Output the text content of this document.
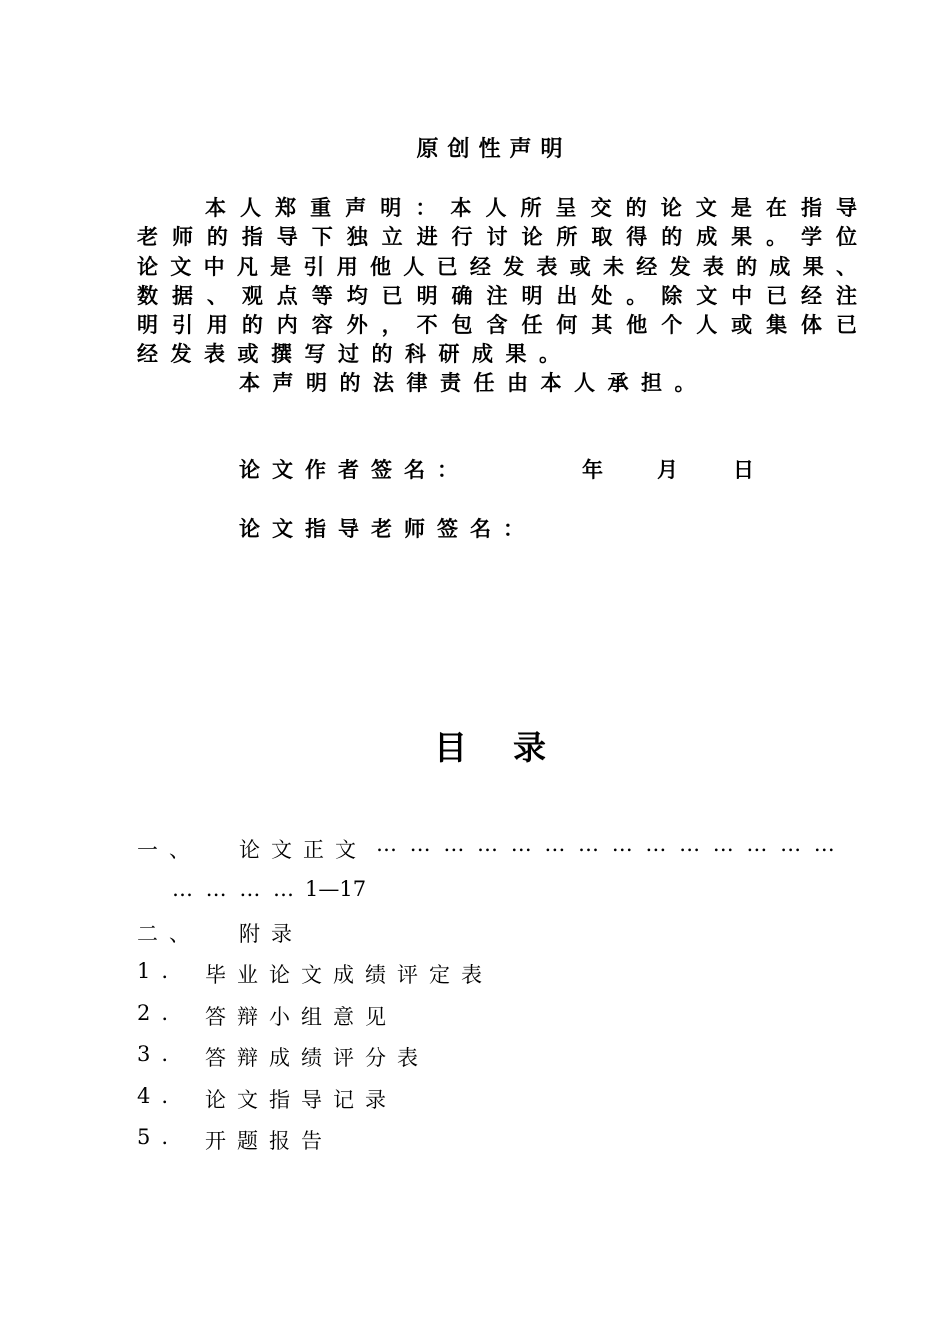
原创性声明
本人郑重声明：本人所呈交的论文是在指导
老师的指导下独立进行讨论所取得的成果。学位
论文中凡是引用他人已经发表或未经发表的成果、
数据、观点等均已明确注明出处。除文中已经注
明引用的内容外，不包含任何其他个人或集体已
经发表或撰写过的科研成果。
本声明的法律责任由本人承担。
论文作者签名：	年	月	日
论文指导老师签名：
目录
一、 论文正文 … … … … … … … … … … … … … …
… … … … 1—17
二、 附录
1. 毕业论文成绩评定表
2. 答辩小组意见
3. 答辩成绩评分表
4. 论文指导记录
5. 开题报告
